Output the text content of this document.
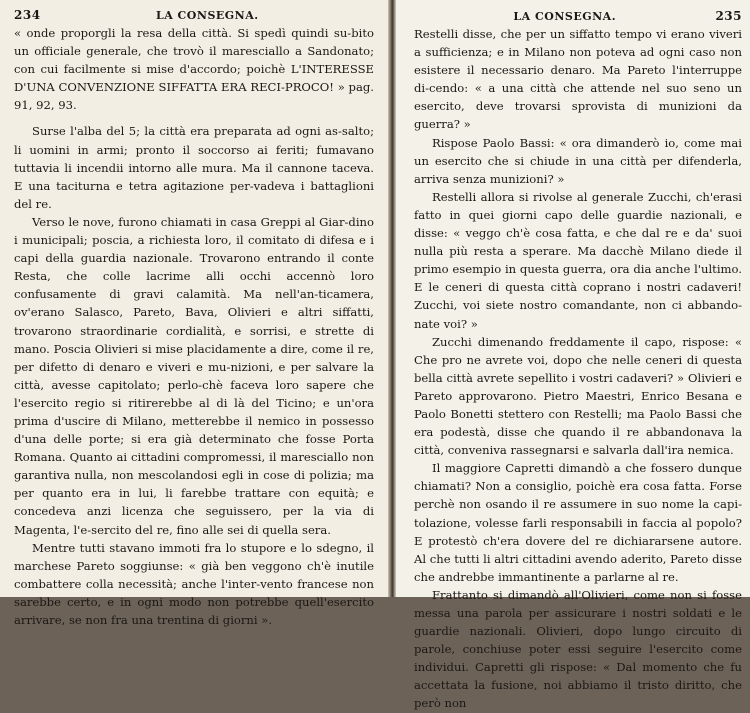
234	LA CONSEGNA.

« onde proporgli la resa della città. Si spedì quindi su-bito un officiale generale, che trovò il maresciallo a Sandonato; con cui facilmente si mise d'accordo; poichè L'INTERESSE D'UNA CONVENZIONE SIFFATTA ERA RECI-PROCO! » pag. 91, 92, 93.

Surse l'alba del 5; la città era preparata ad ogni as-salto; li uomini in armi; pronto il soccorso ai feriti; fumavano tuttavia li incendii intorno alle mura. Ma il cannone taceva. E una taciturna e tetra agitazione per-vadeva i battaglioni del re.

Verso le nove, furono chiamati in casa Greppi al Giar-dino i municipali; poscia, a richiesta loro, il comitato di difesa e i capi della guardia nazionale. Trovarono entrando il conte Resta, che colle lacrime alli occhi accennò loro confusamente di gravi calamità. Ma nell'an-ticamera, ov'erano Salasco, Pareto, Bava, Olivieri e altri siffatti, trovarono straordinarie cordialità, e sorrisi, e strette di mano. Poscia Olivieri si mise placidamente a dire, come il re, per difetto di denaro e viveri e mu-nizioni, e per salvare la città, avesse capitolato; perlo-chè faceva loro sapere che l'esercito regio si ritirerebbe al di là del Ticino; e un'ora prima d'uscire di Milano, metterebbe il nemico in possesso d'una delle porte; si era già determinato che fosse Porta Romana. Quanto ai cittadini compromessi, il maresciallo non garantiva nulla, non mescolandosi egli in cose di polizia; ma per quanto era in lui, li farebbe trattare con equità; e concedeva anzi licenza che seguissero, per la via di Magenta, l'e-sercito del re, fino alle sei di quella sera.

Mentre tutti stavano immoti fra lo stupore e lo sdegno, il marchese Pareto soggiunse: « già ben veggono ch'è inutile combattere colla necessità; anche l'inter-vento francese non sarebbe certo, e in ogni modo non potrebbe quell'esercito arrivare, se non fra una trentina di giorni ».

LA CONSEGNA.	235

Restelli disse, che per un siffatto tempo vi erano viveri a sufficienza; e in Milano non poteva ad ogni caso non esistere il necessario denaro. Ma Pareto l'interruppe di-cendo: « a una città che attende nel suo seno un esercito, deve trovarsi sprovista di munizioni da guerra? »

Rispose Paolo Bassi: « ora dimanderò io, come mai un esercito che si chiude in una città per difenderla, arriva senza munizioni? »

Restelli allora si rivolse al generale Zucchi, ch'erasi fatto in quei giorni capo delle guardie nazionali, e disse: « veggo ch'è cosa fatta, e che dal re e da' suoi nulla più resta a sperare. Ma dacchè Milano diede il primo esempio in questa guerra, ora dia anche l'ultimo. E le ceneri di questa città coprano i nostri cadaveri! Zucchi, voi siete nostro comandante, non ci abbando-nate voi? »

Zucchi dimenando freddamente il capo, rispose: « Che pro ne avrete voi, dopo che nelle ceneri di questa bella città avrete sepellito i vostri cadaveri? » Olivieri e Pareto approvarono. Pietro Maestri, Enrico Besana e Paolo Bonetti stettero con Restelli; ma Paolo Bassi che era podestà, disse che quando il re abbandonava la città, conveniva rassegnarsi e salvarla dall'ira nemica.

Il maggiore Capretti dimandò a che fossero dunque chiamati? Non a consiglio, poichè era cosa fatta. Forse perchè non osando il re assumere in suo nome la capi-tolazione, volesse farli responsabili in faccia al popolo? E protestò ch'era dovere del re dichiararsene autore. Al che tutti li altri cittadini avendo aderito, Pareto disse che andrebbe immantinente a parlarne al re.

Frattanto si dimandò all'Olivieri, come non si fosse messa una parola per assicurare i nostri soldati e le guardie nazionali. Olivieri, dopo lungo circuito di parole, conchiuse poter essi seguire l'esercito come individui. Capretti gli rispose: « Dal momento che fu accettata la fusione, noi abbiamo il tristo diritto, che però non
